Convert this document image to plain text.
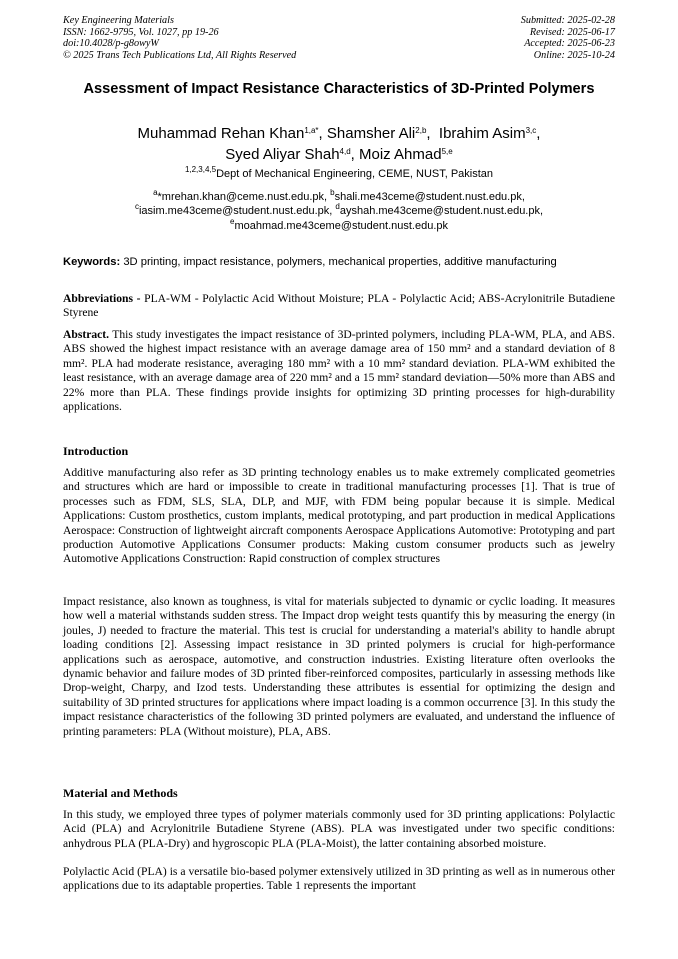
Key Engineering Materials
ISSN: 1662-9795, Vol. 1027, pp 19-26
doi:10.4028/p-g8owyW
© 2025 Trans Tech Publications Ltd, All Rights Reserved
Submitted: 2025-02-28
Revised: 2025-06-17
Accepted: 2025-06-23
Online: 2025-10-24
Assessment of Impact Resistance Characteristics of 3D-Printed Polymers
Muhammad Rehan Khan$^{1,a*}$, Shamsher Ali$^{2,b}$,  Ibrahim Asim$^{3,c}$,
Syed Aliyar Shah$^{4,d}$, Moiz Ahmad$^{5,e}$
$^{1,2,3,4,5}$Dept of Mechanical Engineering, CEME, NUST, Pakistan
$^a$*mrehan.khan@ceme.nust.edu.pk, $^b$shali.me43ceme@student.nust.edu.pk,
$^c$iasim.me43ceme@student.nust.edu.pk, $^d$ayshah.me43ceme@student.nust.edu.pk,
$^e$moahmad.me43ceme@student.nust.edu.pk
Keywords: 3D printing, impact resistance, polymers, mechanical properties, additive manufacturing

Abbreviations - PLA-WM - Polylactic Acid Without Moisture; PLA - Polylactic Acid; ABS-Acrylonitrile Butadiene Styrene

Abstract. This study investigates the impact resistance of 3D-printed polymers, including PLA-WM, PLA, and ABS. ABS showed the highest impact resistance with an average damage area of 150 mm² and a standard deviation of 8 mm². PLA had moderate resistance, averaging 180 mm² with a 10 mm² standard deviation. PLA-WM exhibited the least resistance, with an average damage area of 220 mm² and a 15 mm² standard deviation—50% more than ABS and 22% more than PLA. These findings provide insights for optimizing 3D printing processes for high-durability applications.

Introduction

Additive manufacturing also refer as 3D printing technology enables us to make extremely complicated geometries and structures which are hard or impossible to create in traditional manufacturing processes [1]. That is true of processes such as FDM, SLS, SLA, DLP, and MJF, with FDM being popular because it is simple. Medical Applications: Custom prosthetics, custom implants, medical prototyping, and part production in medical Applications Aerospace: Construction of lightweight aircraft components Aerospace Applications Automotive: Prototyping and part production Automotive Applications Consumer products: Making custom consumer products such as jewelry Automotive Applications Construction: Rapid construction of complex structures

Impact resistance, also known as toughness, is vital for materials subjected to dynamic or cyclic loading. It measures how well a material withstands sudden stress. The Impact drop weight tests quantify this by measuring the energy (in joules, J) needed to fracture the material. This test is crucial for understanding a material's ability to handle abrupt loading conditions [2]. Assessing impact resistance in 3D printed polymers is crucial for high-performance applications such as aerospace, automotive, and construction industries. Existing literature often overlooks the dynamic behavior and failure modes of 3D printed fiber-reinforced composites, particularly in assessing methods like Drop-weight, Charpy, and Izod tests. Understanding these attributes is essential for optimizing the design and suitability of 3D printed structures for applications where impact loading is a common occurrence [3]. In this study the impact resistance characteristics of the following 3D printed polymers are evaluated, and understand the influence of printing parameters: PLA (Without moisture), PLA, ABS.

Material and Methods

In this study, we employed three types of polymer materials commonly used for 3D printing applications: Polylactic Acid (PLA) and Acrylonitrile Butadiene Styrene (ABS). PLA was investigated under two specific conditions: anhydrous PLA (PLA-Dry) and hygroscopic PLA (PLA-Moist), the latter containing absorbed moisture.

Polylactic Acid (PLA) is a versatile bio-based polymer extensively utilized in 3D printing as well as in numerous other applications due to its adaptable properties. Table 1 represents the important
